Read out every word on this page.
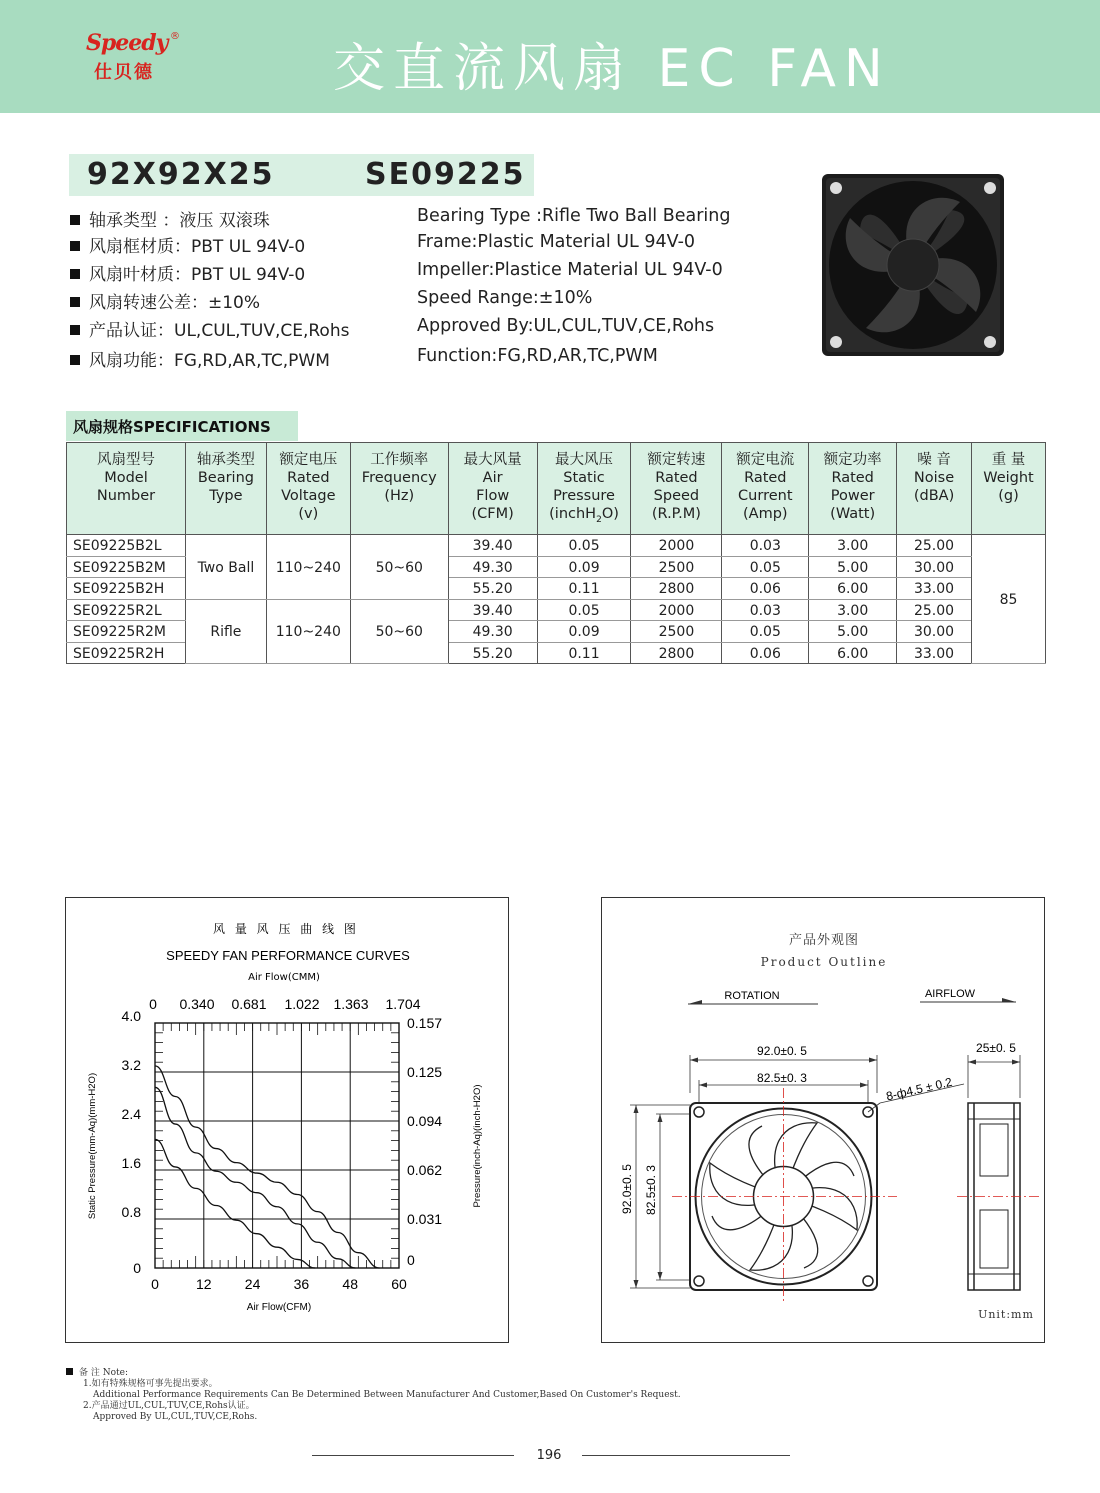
Speedy ®
仕贝德	交直流风扇 EC FAN
92X92X25	SE09225
轴承类型 ：液压 双滚珠
风扇框材质：PBT UL 94V-0
风扇叶材质：PBT UL 94V-0
风扇转速公差：±10%
产品认证：UL,CUL,TUV,CE,Rohs
风扇功能：FG,RD,AR,TC,PWM
Bearing Type :Rifle Two Ball Bearing
Frame:Plastic Material UL 94V-0
Impeller:Plastice Material UL 94V-0
Speed Range:±10%
Approved By:UL,CUL,TUV,CE,Rohs
Function:FG,RD,AR,TC,PWM
风扇规格SPECIFICATIONS
风扇型号
Model
Number	轴承类型
Bearing
Type	额定电压
Rated
Voltage
(v)	工作频率
Frequency
(Hz)	最大风量
Air
Flow
(CFM)	最大风压
Static
Pressure
(inchH$_2$O)	额定转速
Rated
Speed
(R.P.M)	额定电流
Rated
Current
(Amp)	额定功率
Rated
Power
(Watt)	噪 音
Noise
(dBA)	重 量
Weight
(g)
SE09225B2L	Two Ball	110~240	50~60	39.40	0.05	2000	0.03	3.00	25.00	85
SE09225B2M				49.30	0.09	2500	0.05	5.00	30.00	
SE09225B2H				55.20	0.11	2800	0.06	6.00	33.00	
SE09225R2L	Rifle	110~240	50~60	39.40	0.05	2000	0.03	3.00	25.00	
SE09225R2M				49.30	0.09	2500	0.05	5.00	30.00	
SE09225R2H				55.20	0.11	2800	0.06	6.00	33.00	
风 量 风 压 曲 线 图
SPEEDY FAN PERFORMANCE CURVES
Air Flow(CMM)
Air Flow(CFM)
Static Pressure(mm-Aq)(mm-H2O)	Pressure(inch-Aq)(inch-H2O)
0	12 24 36 48 60
0
0.8
1.6
2.4
3.2
4.0
0
0.031
0.062
0.094
0.125
0.157
0 0.340 0.681 1.022 1.363 1.704
产品外观图
Product Outline
ROTATION	AIRFLOW
92.0±0. 5
82.5±0. 3
92.0±0. 5 82.5±0. 3
8-ф4.5 ± 0.2
25±0. 5
Unit:mm
备 注 Note:
1.如有特殊规格可事先提出要求。
Additional Performance Requirements Can Be Determined Between Manufacturer And Customer,Based On Customer's Request.
2.产品通过UL,CUL,TUV,CE,Rohs认证。
Approved By UL,CUL,TUV,CE,Rohs.
196
